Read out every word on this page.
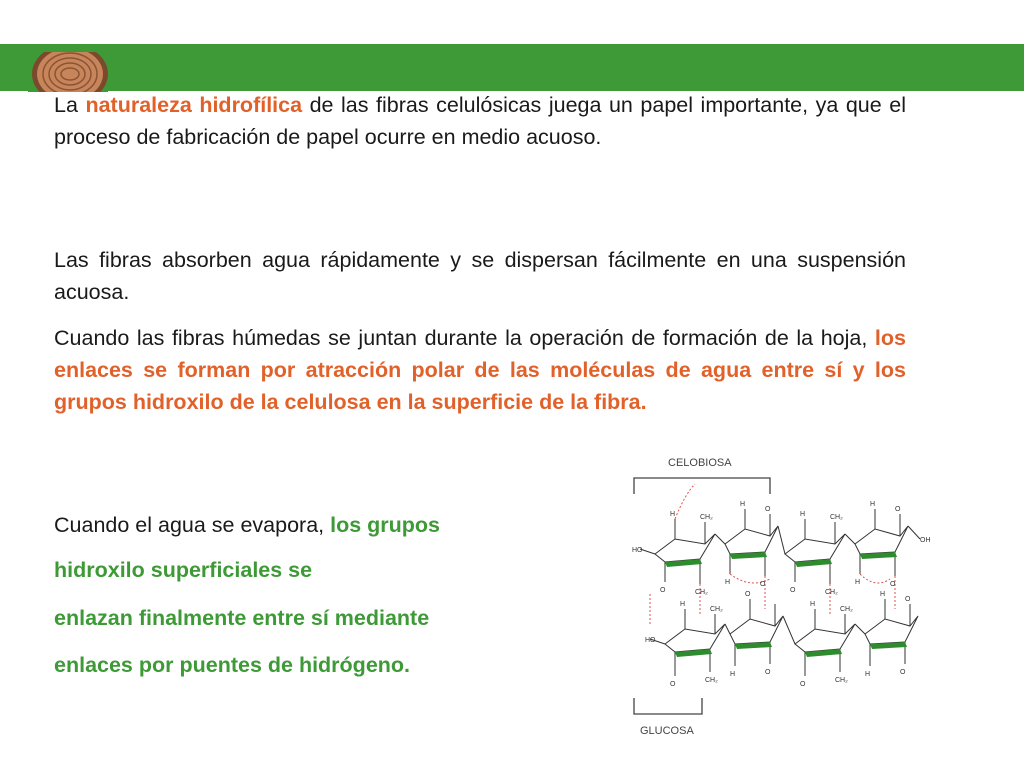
La naturaleza hidrofílica de las fibras celulósicas juega un papel importante, ya que el proceso de fabricación de papel ocurre en medio acuoso.

Las fibras absorben agua rápidamente y se dispersan fácilmente en una suspensión acuosa.

Cuando las fibras húmedas se juntan durante la operación de formación de la hoja, los enlaces se forman por atracción polar de las moléculas de agua entre sí y los grupos hidroxilo de la celulosa en la superficie de la fibra.

Cuando el agua se evapora, los grupos
hidroxilo superficiales se
enlazan finalmente entre sí mediante
enlaces por puentes de hidrógeno.
CELOBIOSA
GLUCOSA
H	CH₂
H
O
H	CH₂
H
O
HO
OH
O	CH₂
H	O
O	CH₂
H	O
HO
H
CH₂
O
H
CH₂
H
O
O
CH₂
H	O
O
CH₂
H	O
